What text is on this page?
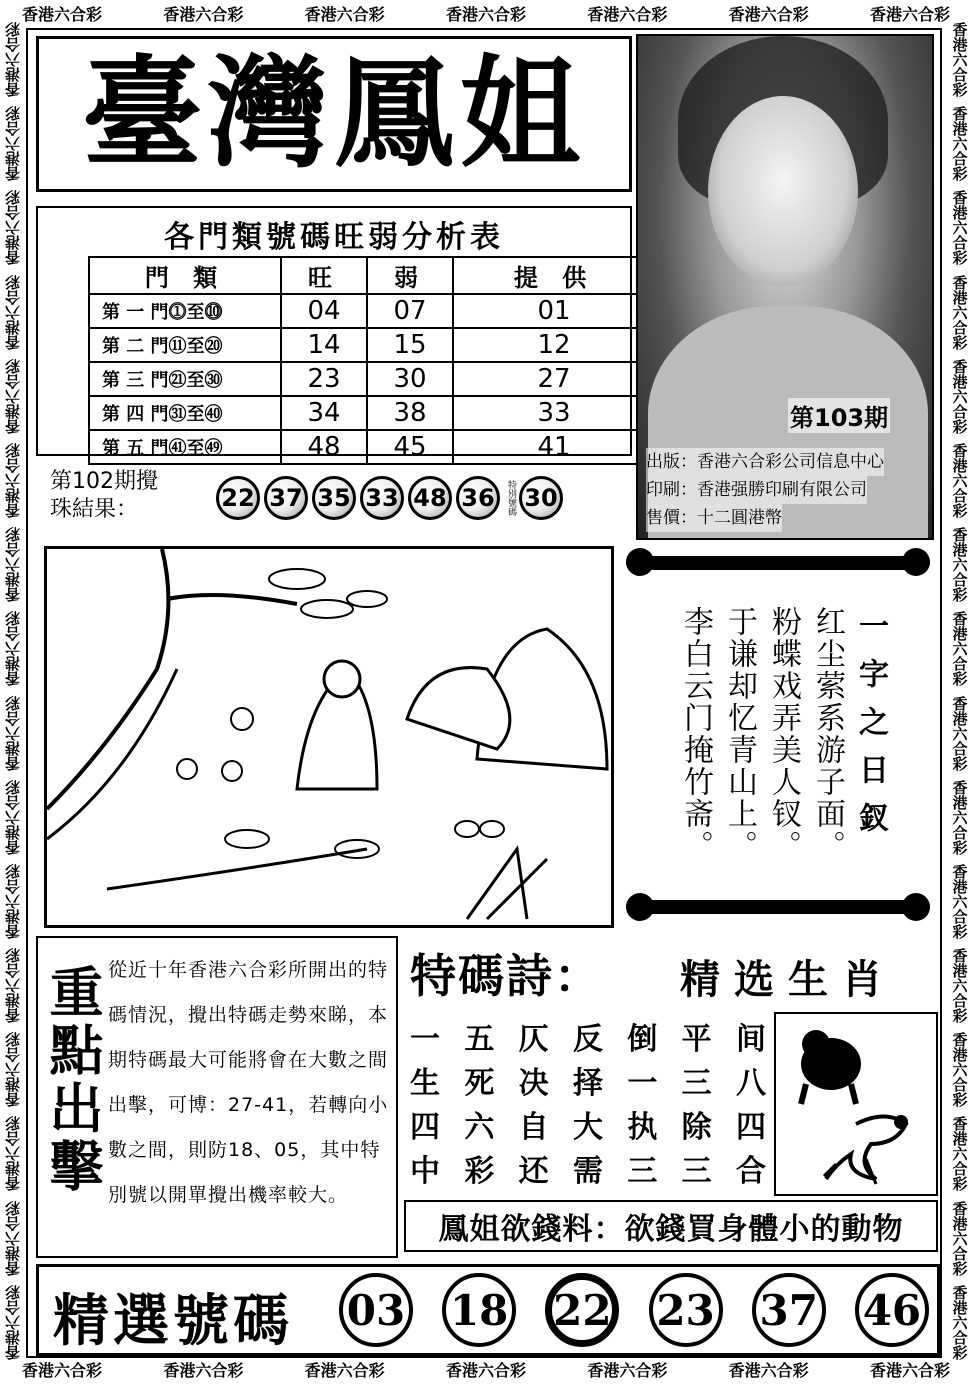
香港六合彩	香港六合彩	香港六合彩	香港六合彩	香港六合彩	香港六合彩	香港六合彩
香港六合彩	香港六合彩	香港六合彩	香港六合彩	香港六合彩	香港六合彩	香港六合彩
香港六合彩
香港六合彩
香港六合彩
香港六合彩
香港六合彩
香港六合彩
香港六合彩
香港六合彩
香港六合彩
香港六合彩
香港六合彩
香港六合彩
香港六合彩
香港六合彩
香港六合彩
香港六合彩
香港六合彩
香港六合彩
香港六合彩
香港六合彩
香港六合彩
香港六合彩
香港六合彩
香港六合彩
香港六合彩
香港六合彩
香港六合彩
香港六合彩
香港六合彩
香港六合彩
香港六合彩
香港六合彩
臺灣鳳姐
各門類號碼旺弱分析表
門 類	旺	弱	提 供
第 一 門⓵至⓾	04	07	01
第 二 門⑪至⑳	14	15	12
第 三 門㉑至㉚	23	30	27
第 四 門㉛至㊵	34	38	33
第 五 門㊶至㊾	48	45	41
第103期
出版：香港六合彩公司信息中心
印刷：香港强勝印刷有限公司
售價：十二圓港幣
第102期攪
珠結果：	22 37 35 33 48 36	特別號碼 30
红尘萦系游子面。
粉蝶戏弄美人钗。
于谦却忆青山上。
李白云门掩竹斋。	一字之日釵
重點出擊 從近十年香港六合彩所開出的特碼情況，攪出特碼走勢來睇，本期特碼最大可能將會在大數之間出擊，可博：27-41，若轉向小數之間，則防18、05，其中特別號以開單攪出機率較大。
特碼詩： 精选生肖
一 五 仄 反 倒 平 间
生 死 决 择 一 三 八
四 六 自 大 执 除 四
中 彩 还 需 三 三 合
鳳姐欲錢料：欲錢買身體小的動物
精選號碼 03 18 22 23 37 46
